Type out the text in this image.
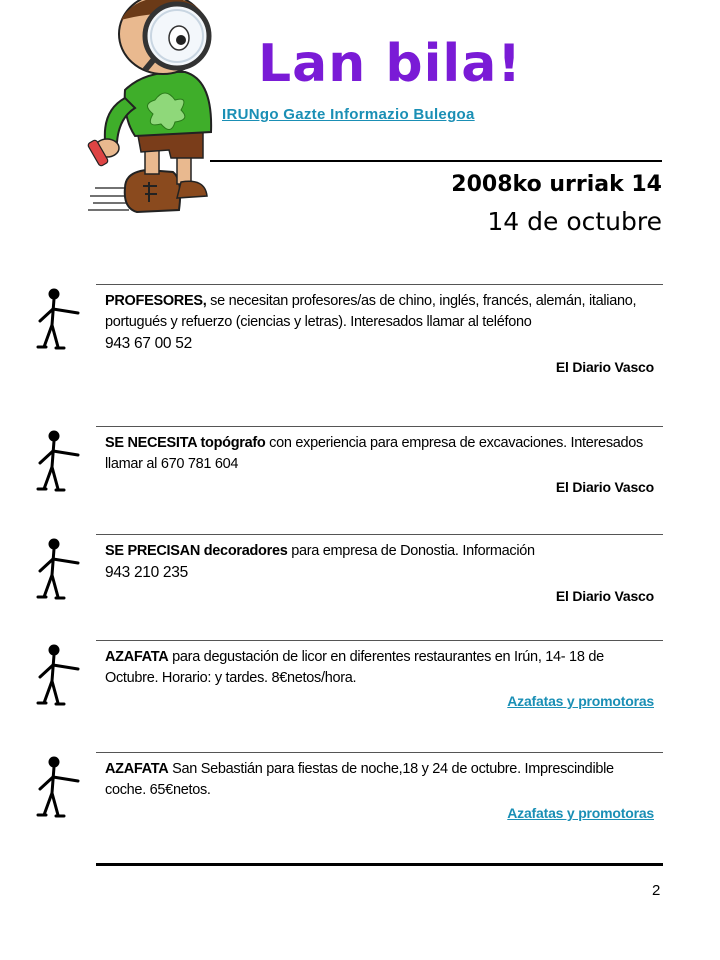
Lan bila!
IRUNgo Gazte Informazio Bulegoa
2008ko urriak 14
14 de octubre
PROFESORES, se necesitan profesores/as de chino, inglés, francés, alemán, italiano, portugués y refuerzo (ciencias y letras). Interesados llamar al teléfono
943 67 00 52
El Diario Vasco
SE NECESITA topógrafo con experiencia para empresa de excavaciones. Interesados llamar al 670 781 604
El Diario Vasco
SE PRECISAN decoradores para empresa de Donostia. Información
943 210 235
El Diario Vasco
AZAFATA para degustación de licor en diferentes restaurantes en Irún, 14- 18 de Octubre. Horario: y tardes. 8€netos/hora.
Azafatas y promotoras
AZAFATA San Sebastián para fiestas de noche,18 y 24 de octubre. Imprescindible coche. 65€netos.
Azafatas y promotoras
2
